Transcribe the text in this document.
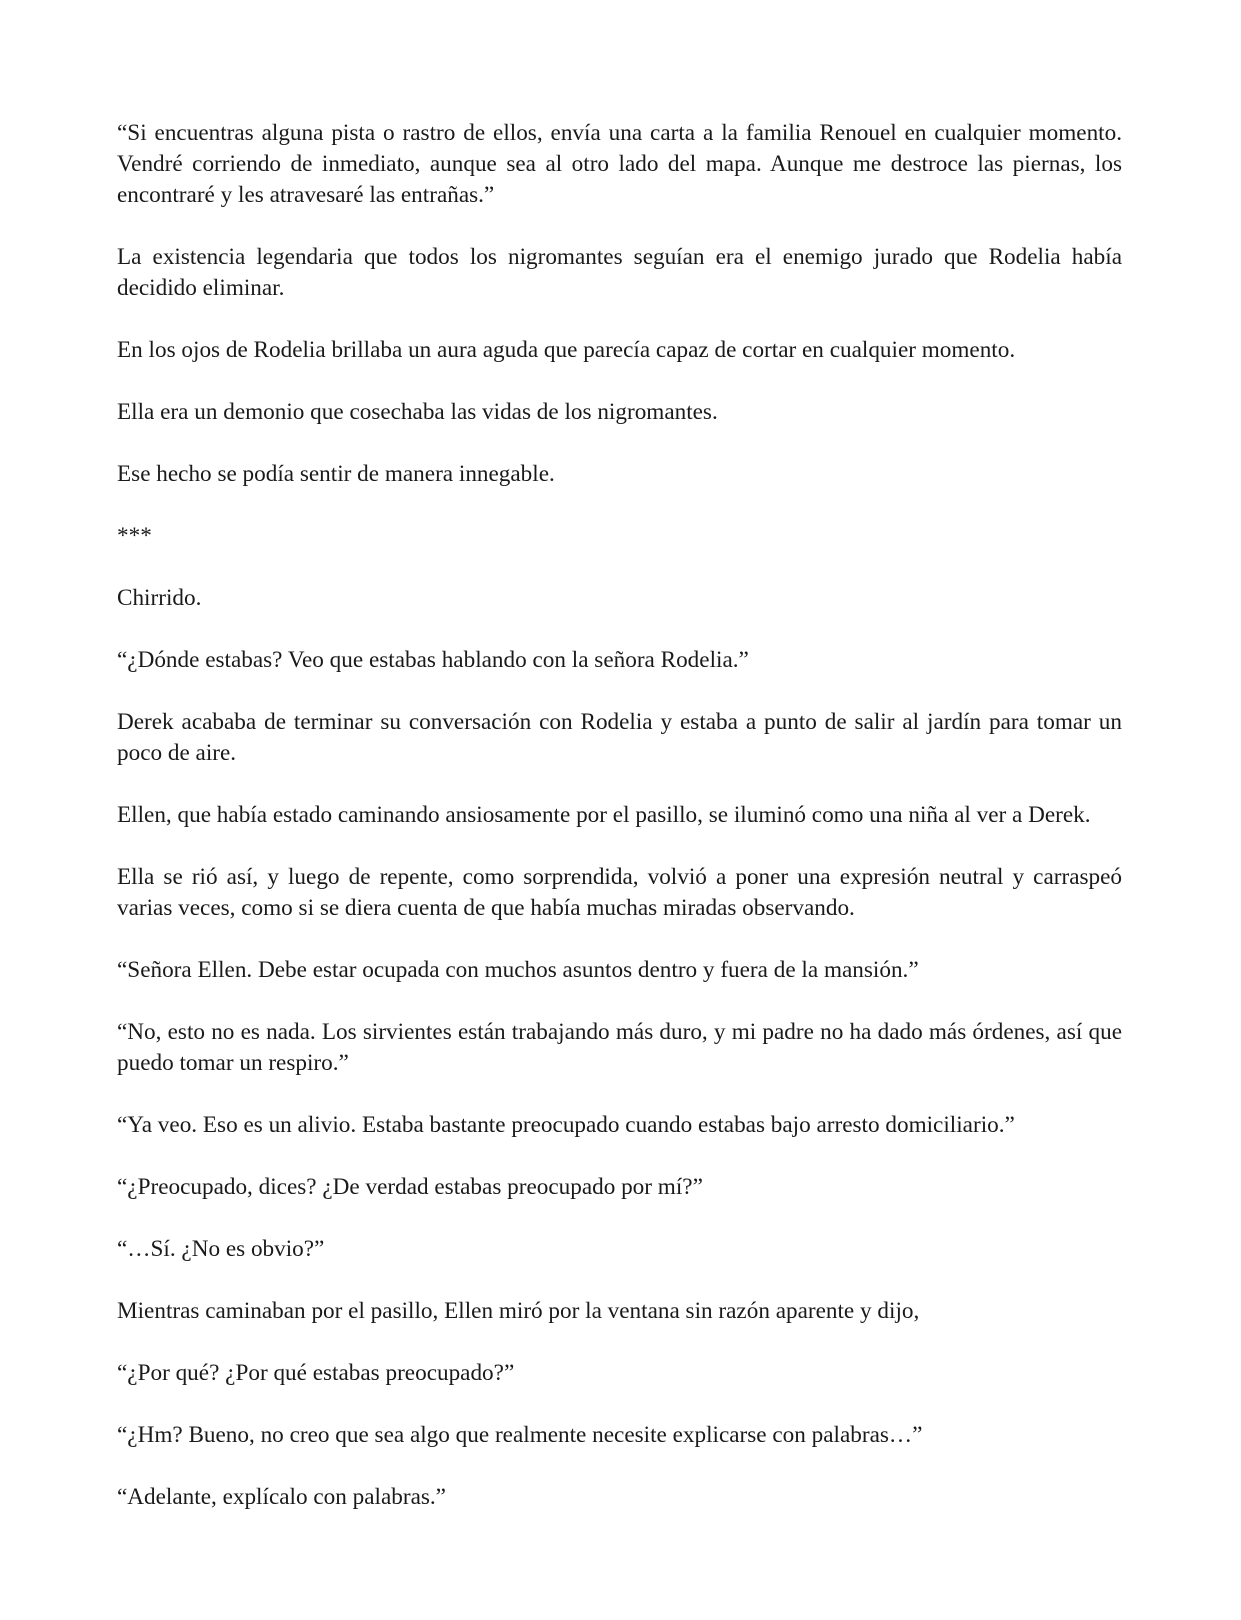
“Si encuentras alguna pista o rastro de ellos, envía una carta a la familia Renouel en cualquier momento. Vendré corriendo de inmediato, aunque sea al otro lado del mapa. Aunque me destroce las piernas, los encontraré y les atravesaré las entrañas.”

La existencia legendaria que todos los nigromantes seguían era el enemigo jurado que Rodelia había decidido eliminar.

En los ojos de Rodelia brillaba un aura aguda que parecía capaz de cortar en cualquier momento.

Ella era un demonio que cosechaba las vidas de los nigromantes.

Ese hecho se podía sentir de manera innegable.

***

Chirrido.

“¿Dónde estabas? Veo que estabas hablando con la señora Rodelia.”

Derek acababa de terminar su conversación con Rodelia y estaba a punto de salir al jardín para tomar un poco de aire.

Ellen, que había estado caminando ansiosamente por el pasillo, se iluminó como una niña al ver a Derek.

Ella se rió así, y luego de repente, como sorprendida, volvió a poner una expresión neutral y carraspeó varias veces, como si se diera cuenta de que había muchas miradas observando.

“Señora Ellen. Debe estar ocupada con muchos asuntos dentro y fuera de la mansión.”

“No, esto no es nada. Los sirvientes están trabajando más duro, y mi padre no ha dado más órdenes, así que puedo tomar un respiro.”

“Ya veo. Eso es un alivio. Estaba bastante preocupado cuando estabas bajo arresto domiciliario.”

“¿Preocupado, dices? ¿De verdad estabas preocupado por mí?”

“…Sí. ¿No es obvio?”

Mientras caminaban por el pasillo, Ellen miró por la ventana sin razón aparente y dijo,

“¿Por qué? ¿Por qué estabas preocupado?”

“¿Hm? Bueno, no creo que sea algo que realmente necesite explicarse con palabras…”

“Adelante, explícalo con palabras.”
